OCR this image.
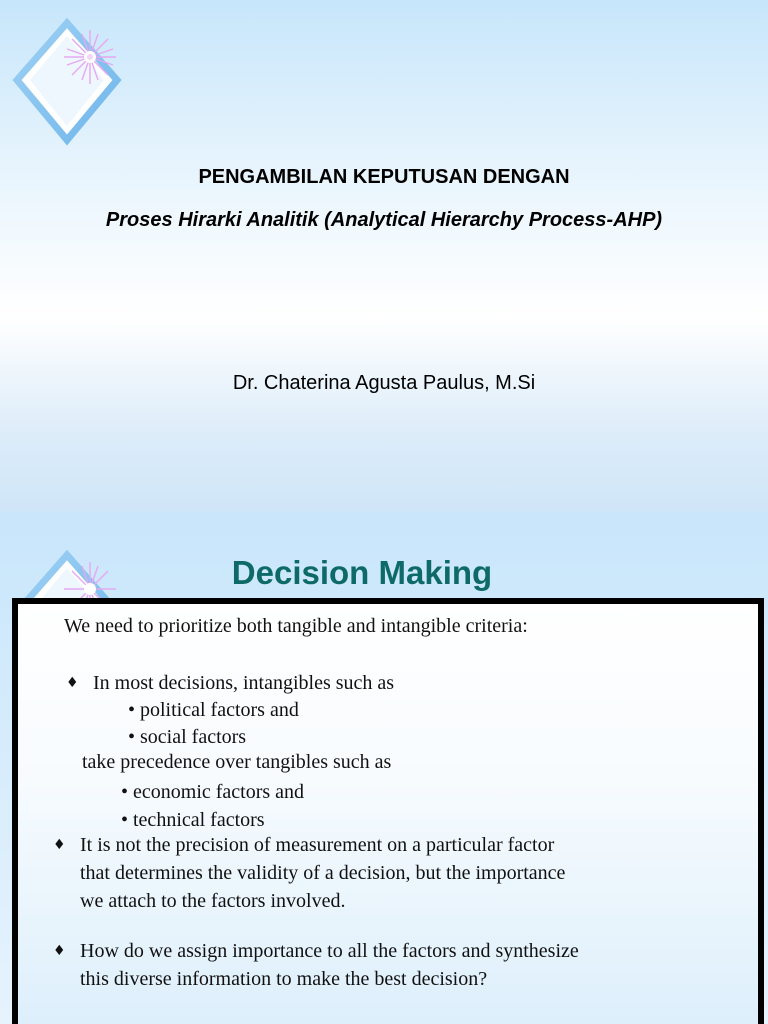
PENGAMBILAN KEPUTUSAN DENGAN
Proses Hirarki Analitik (Analytical Hierarchy Process-AHP)
Dr. Chaterina Agusta Paulus, M.Si
Decision Making
We need to prioritize both tangible and intangible criteria:
♦ In most decisions, intangibles such as
• political factors and
• social factors
take precedence over tangibles such as
• economic factors and
• technical factors
♦ It is not the precision of measurement on a particular factor
that determines the validity of a decision, but the importance
we attach to the factors involved.
♦ How do we assign importance to all the factors and synthesize
this diverse information to make the best decision?
